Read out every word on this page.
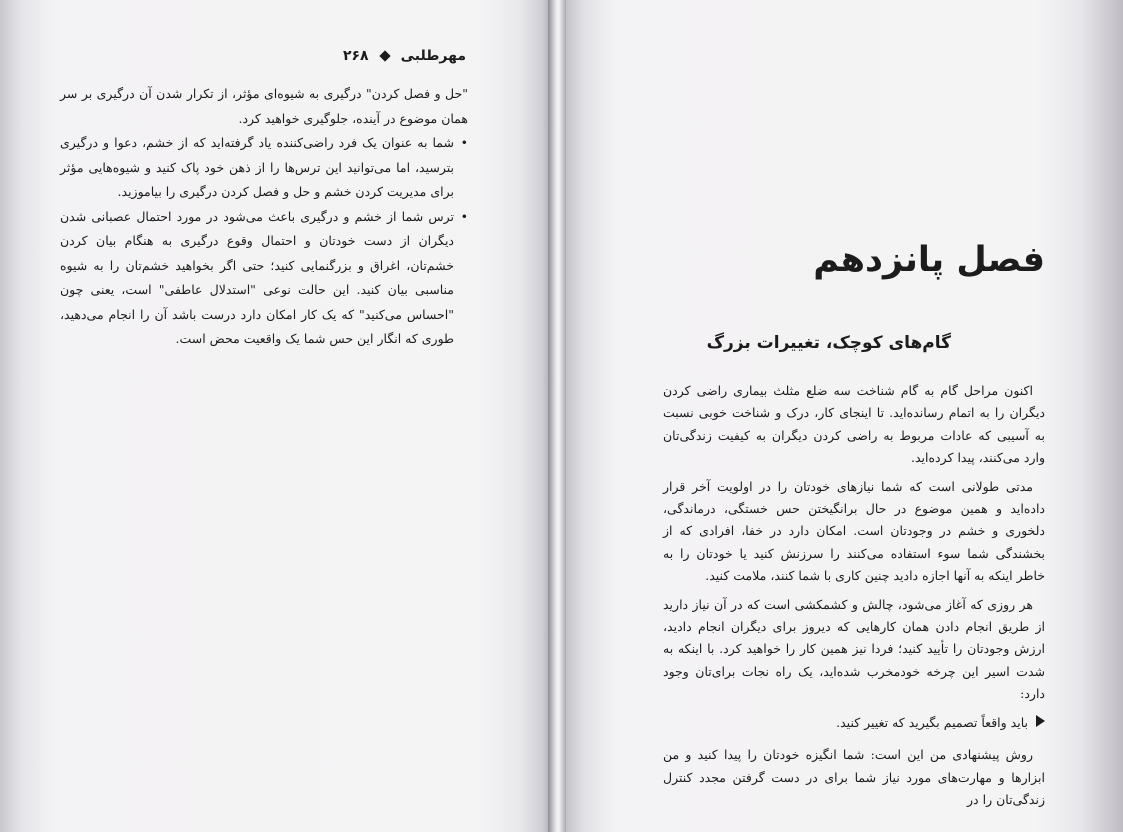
۲۶۸ مهرطلبی

"حل و فصل کردن" درگیری به شیوه‌ای مؤثر، از تکرار شدن آن درگیری بر سر همان موضوع در آینده، جلوگیری خواهید کرد.

• شما به عنوان یک فرد راضی‌کننده یاد گرفته‌اید که از خشم، دعوا و درگیری بترسید، اما می‌توانید این ترس‌ها را از ذهن خود پاک کنید و شیوه‌هایی مؤثر برای مدیریت کردن خشم و حل و فصل کردن درگیری را بیاموزید.

• ترس شما از خشم و درگیری باعث می‌شود در مورد احتمال عصبانی شدن دیگران از دست خودتان و احتمال وقوع درگیری به هنگام بیان کردن خشم‌تان، اغراق و بزرگنمایی کنید؛ حتی اگر بخواهید خشم‌تان را به شیوه مناسبی بیان کنید. این حالت نوعی "استدلال عاطفی" است، یعنی چون "احساس می‌کنید" که یک کار امکان دارد درست باشد آن را انجام می‌دهید، طوری که انگار این حس شما یک واقعیت محض است.

فصل پانزدهم
گام‌های کوچک، تغییرات بزرگ

اکنون مراحل گام به گام شناخت سه ضلع مثلث بیماری راضی کردن دیگران را به اتمام رسانده‌اید. تا اینجای کار، درک و شناخت خوبی نسبت به آسیبی که عادات مربوط به راضی کردن دیگران به کیفیت زندگی‌تان وارد می‌کنند، پیدا کرده‌اید.

مدتی طولانی است که شما نیازهای خودتان را در اولویت آخر قرار داده‌اید و همین موضوع در حال برانگیختن حس خستگی، درماندگی، دلخوری و خشم در وجودتان است. امکان دارد در خفا، افرادی که از بخشندگی شما سوء استفاده می‌کنند را سرزنش کنید یا خودتان را به خاطر اینکه به آنها اجازه دادید چنین کاری با شما کنند، ملامت کنید.

هر روزی که آغاز می‌شود، چالش و کشمکشی است که در آن نیاز دارید از طریق انجام دادن همان کارهایی که دیروز برای دیگران انجام دادید، ارزش وجودتان را تأیید کنید؛ فردا نیز همین کار را خواهید کرد. با اینکه به شدت اسیر این چرخه خودمخرب شده‌اید، یک راه نجات برای‌تان وجود دارد:

باید واقعاً تصمیم بگیرید که تغییر کنید.

روش پیشنهادی من این است: شما انگیزه خودتان را پیدا کنید و من ابزارها و مهارت‌های مورد نیاز شما برای در دست گرفتن مجدد کنترل زندگی‌تان را در
